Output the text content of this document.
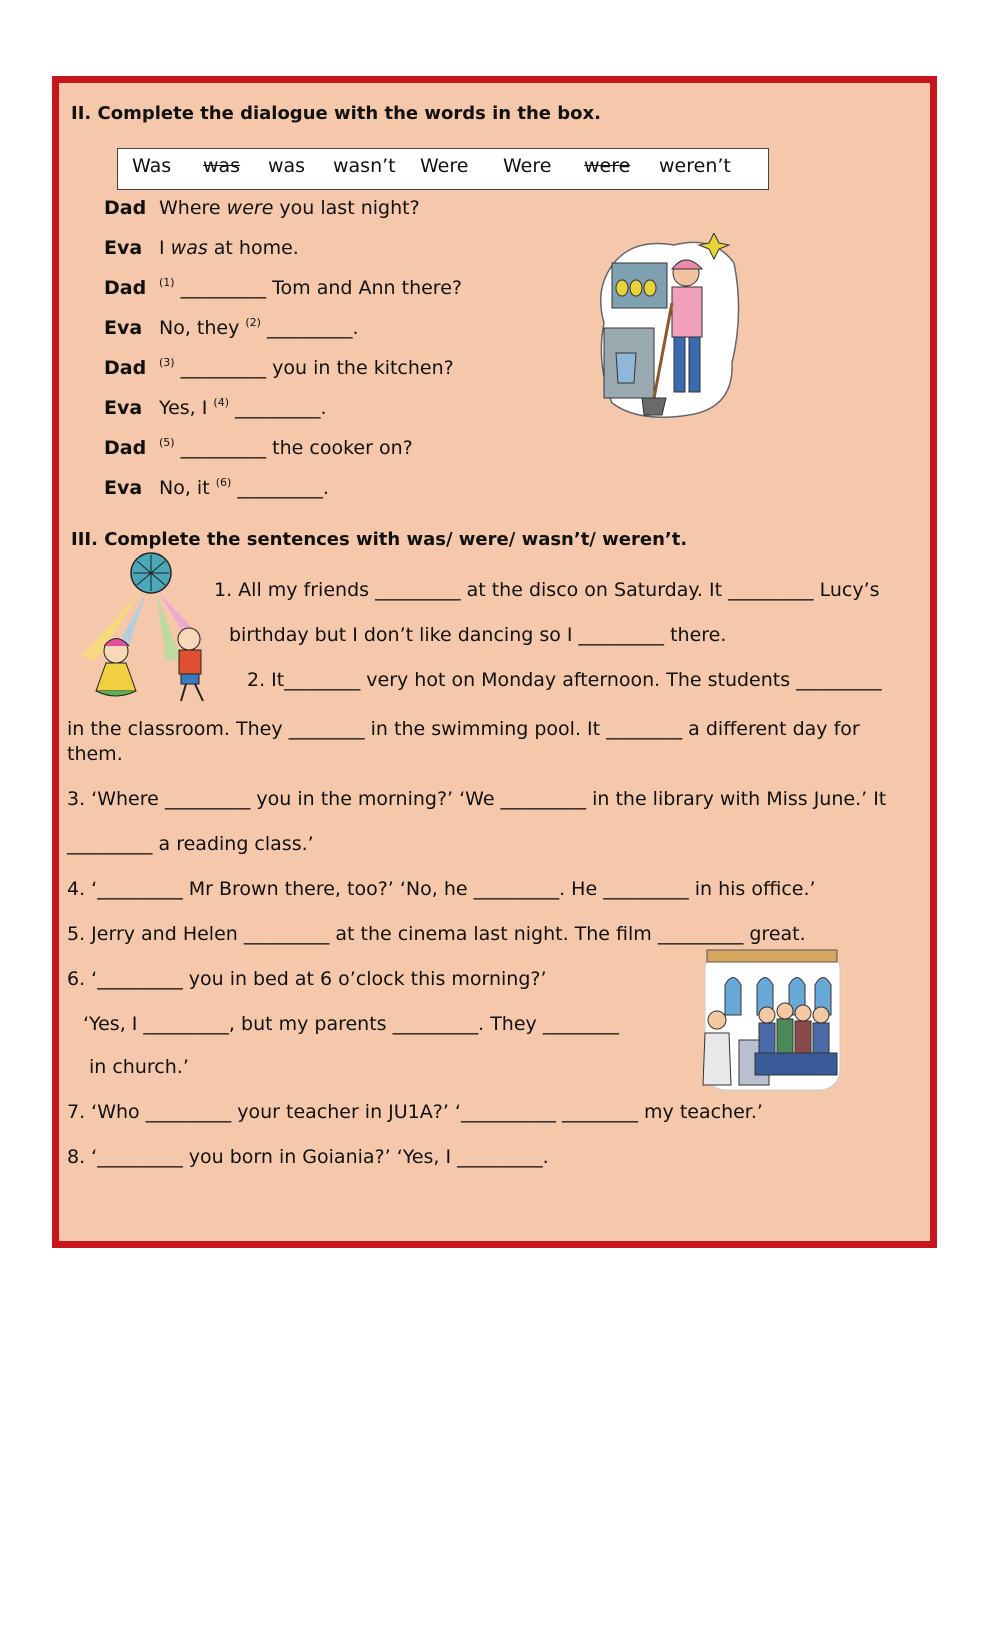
II. Complete the dialogue with the words in the box.
Was was was wasn’t Were Were were weren’t
Dad Where were you last night?
Eva I was at home.
Dad $^{(1)}$ _________ Tom and Ann there?
Eva No, they $^{(2)}$ _________.
Dad $^{(3)}$ _________ you in the kitchen?
Eva Yes, I $^{(4)}$ _________.
Dad $^{(5)}$ _________ the cooker on?
Eva No, it $^{(6)}$ _________.
III. Complete the sentences with was/ were/ wasn’t/ weren’t.
1. All my friends _________ at the disco on Saturday. It _________ Lucy’s
birthday but I don’t like dancing so I _________ there.
2. It________ very hot on Monday afternoon. The students _________
in the classroom. They ________ in the swimming pool. It ________ a different day for
them.
3. ‘Where _________ you in the morning?’ ‘We _________ in the library with Miss June.’ It
_________ a reading class.’
4. ‘_________ Mr Brown there, too?’ ‘No, he _________. He _________ in his office.’
5. Jerry and Helen _________ at the cinema last night. The film _________ great.
6. ‘_________ you in bed at 6 o’clock this morning?’
‘Yes, I _________, but my parents _________. They ________
in church.’
7. ‘Who _________ your teacher in JU1A?’ ‘__________ ________ my teacher.’
8. ‘_________ you born in Goiania?’ ‘Yes, I _________.
